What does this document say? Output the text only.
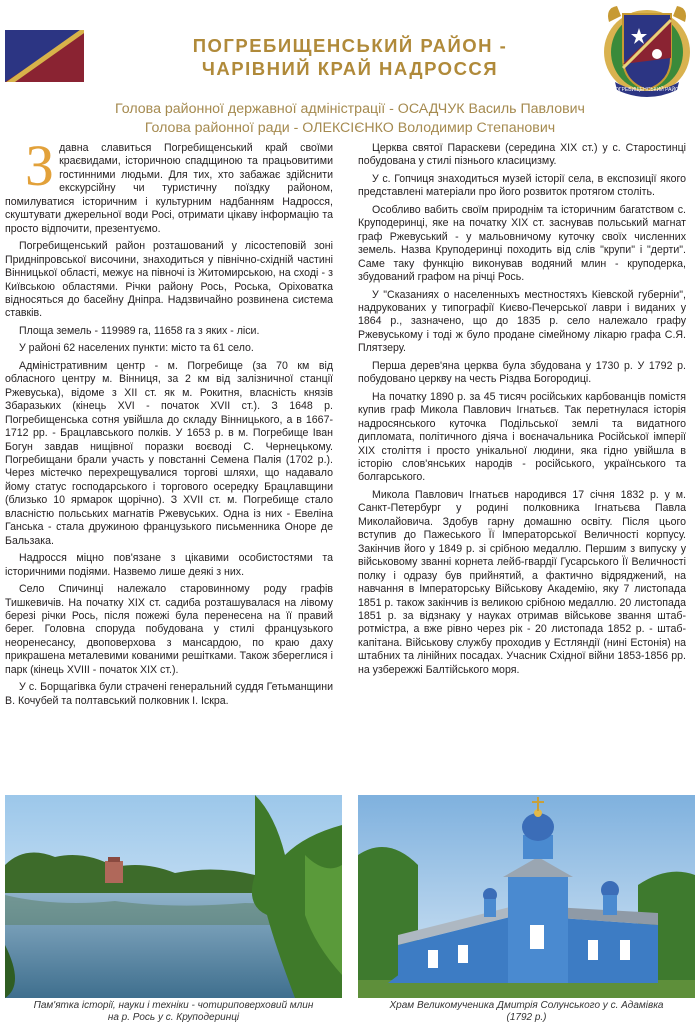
ПОГРЕБИЩЕНСЬКИЙ РАЙОН
ПОГРЕБИЩЕНСЬКИЙ РАЙОН -
ЧАРІВНИЙ КРАЙ НАДРОССЯ
Голова районної державної адміністрації - ОСАДЧУК Василь Павлович
Голова районної ради - ОЛЕКСІЄНКО Володимир Степанович

Здавна славиться Погребищенський край своїми краєвидами, історичною спадщиною та працьовитими гостинними людьми. Для тих, хто забажає здійснити екскурсійну чи туристичну поїздку районом, помилуватися історичним і культурним надбанням Надросся, скуштувати джерельної води Росі, отримати цікаву інформацію та просто відпочити, презентуємо.

Погребищенський район розташований у лісостеповій зоні Придніпровської височини, знаходиться у північно-східній частині Вінницької області, межує на півночі із Житомирською, на сході - з Київською областями. Річки району Рось, Роська, Оріховатка відносяться до басейну Дніпра. Надзвичайно розвинена система ставків.

Площа земель - 119989 га, 11658 га з яких - ліси.

У районі 62 населених пункти: місто та 61 село.

Адміністративним центр - м. Погребище (за 70 км від обласного центру м. Вінниця, за 2 км від залізничної станції Ржевуська), відоме з XII ст. як м. Рокитня, власність князів Збаразьких (кінець XVI - початок XVII ст.). З 1648 р. Погребищенська сотня увійшла до складу Вінницького, а в 1667-1712 рр. - Брацлавського полків. У 1653 р. в м. Погребище Іван Богун завдав нищівної поразки воєводі С. Чернецькому. Погребищани брали участь у повстанні Семена Палія (1702 р.). Через містечко перехрещувалися торгові шляхи, що надавало йому статус господарського і торгового осередку Брацлавщини (близько 10 ярмарок щорічно). З XVII ст. м. Погребище стало власністю польських магнатів Ржевуських. Одна із них - Евеліна Ганська - стала дружиною французького письменника Оноре де Бальзака.

Надросся міцно пов'язане з цікавими особистостями та історичними подіями. Назвемо лише деякі з них.

Село Спичинці належало старовинному роду графів Тишкевичів. На початку XIX ст. садиба розташувалася на лівому березі річки Рось, після пожежі була перенесена на її правий берег. Головна споруда побудована у стилі французького неоренесансу, двоповерхова з мансардою, по краю даху прикрашена металевими кованими решітками. Також збереглися і парк (кінець XVIII - початок XIX ст.).

У с. Борщагівка були страчені генеральний суддя Гетьманщини В. Кочубей та полтавський полковник І. Іскра.

Церква святої Параскеви (середина XIX ст.) у с. Старостинці побудована у стилі пізнього класицизму.

У с. Гопчиця знаходиться музей історії села, в експозиції якого представлені матеріали про його розвиток протягом століть.

Особливо вабить своїм природнім та історичним багатством с. Круподеринці, яке на початку XIX ст. заснував польський магнат граф Ржевуський - у мальовничому куточку своїх численних земель. Назва Круподеринці походить від слів "крупи" і "дерти". Саме таку функцію виконував водяний млин - круподерка, збудований графом на річці Рось.

У "Сказаниях о населенныхъ местностяхъ Кіевской губерніи", надрукованих у типографії Києво-Печерської лаври і виданих у 1864 р., зазначено, що до 1835 р. село належало графу Ржевуському і тоді ж було продане сімейному лікарю графа С.Я. Плятзеру.

Перша дерев'яна церква була збудована у 1730 р. У 1792 р. побудовано церкву на честь Різдва Богородиці.

На початку 1890 р. за 45 тисяч російських карбованців помістя купив граф Микола Павлович Ігнатьєв. Так перетнулася історія надросянського куточка Подільської землі та видатного дипломата, політичного діяча і воєначальника Російської імперії XIX століття і просто унікальної людини, яка гідно увійшла в історію слов'янських народів - російського, українського та болгарського.

Микола Павлович Ігнатьєв народився 17 січня 1832 р. у м. Санкт-Петербург у родині полковника Ігнатьєва Павла Миколайовича. Здобув гарну домашню освіту. Після цього вступив до Пажеського Її Імператорської Величності корпусу. Закінчив його у 1849 р. зі срібною медаллю. Першим з випуску у військовому званні корнета лейб-гвардії Гусарського Її Величності полку і одразу був прийнятий, а фактично відряджений, на навчання в Імператорську Військову Академію, яку 7 листопада 1851 р. також закінчив із великою срібною медаллю. 20 листопада 1851 р. за відзнаку у науках отримав військове звання штаб-ротмістра, а вже рівно через рік - 20 листопада 1852 р. - штаб-капітана. Військову службу проходив у Естляндії (нині Естонія) на штабних та лінійних посадах. Учасник Східної війни 1853-1856 рр. на узбережжі Балтійського моря.

Пам'ятка історії, науки і техніки - чотириповерховий млин
на р. Рось у с. Круподеринці
Храм Великомученика Дмитрія Солунського у с. Адамівка
(1792 р.)
